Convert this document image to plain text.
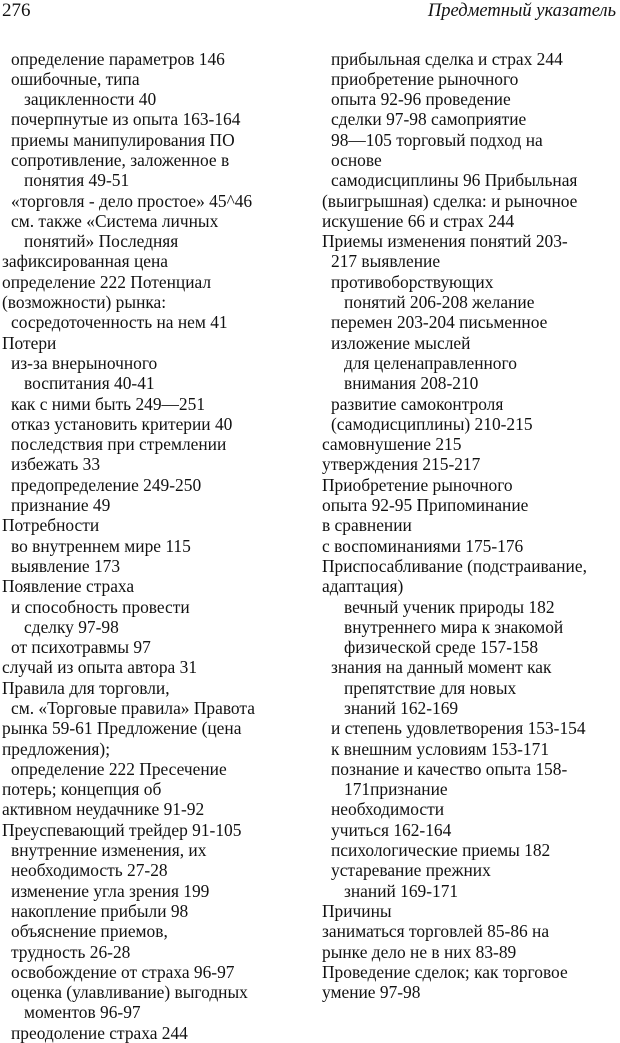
276	Предметный указатель
определение параметров 146
ошибочные, типа
зацикленности 40
почерпнутые из опыта 163-164
приемы манипулирования ПО
сопротивление, заложенное в
понятия 49-51
«торговля - дело простое» 45^46
см. также «Система личных
понятий» Последняя
зафиксированная цена
определение 222 Потенциал
(возможности) рынка:
сосредоточенность на нем 41
Потери
из-за внерыночного
воспитания 40-41
как с ними быть 249—251
отказ установить критерии 40
последствия при стремлении
избежать 33
предопределение 249-250
признание 49
Потребности
во внутреннем мире 115
выявление 173
Появление страха
и способность провести
сделку 97-98
от психотравмы 97
случай из опыта автора 31
Правила для торговли,
см. «Торговые правила» Правота
рынка 59-61 Предложение (цена
предложения);
определение 222 Пресечение
потерь; концепция об
активном неудачнике 91-92
Преуспевающий трейдер 91-105
внутренние изменения, их
необходимость 27-28
изменение угла зрения 199
накопление прибыли 98
объяснение приемов,
трудность 26-28
освобождение от страха 96-97
оценка (улавливание) выгодных
моментов 96-97
преодоление страха 244
прибыльная сделка и страх 244
приобретение рыночного
опыта 92-96 проведение
сделки 97-98 самоприятие
98—105 торговый подход на
основе
самодисциплины 96 Прибыльная
(выигрышная) сделка: и рыночное
искушение 66 и страх 244
Приемы изменения понятий 203-
217 выявление
противоборствующих
понятий 206-208 желание
перемен 203-204 письменное
изложение мыслей
для целенаправленного
внимания 208-210
развитие самоконтроля
(самодисциплины) 210-215
самовнушение 215
утверждения 215-217
Приобретение рыночного
опыта 92-95 Припоминание
в сравнении
с воспоминаниями 175-176
Приспосабливание (подстраивание,
адаптация)
вечный ученик природы 182
внутреннего мира к знакомой
физической среде 157-158
знания на данный момент как
препятствие для новых
знаний 162-169
и степень удовлетворения 153-154
к внешним условиям 153-171
познание и качество опыта 158-
171признание
необходимости
учиться 162-164
психологические приемы 182
устаревание прежних
знаний 169-171
Причины
заниматься торговлей 85-86 на
рынке дело не в них 83-89
Проведение сделок; как торговое
умение 97-98
